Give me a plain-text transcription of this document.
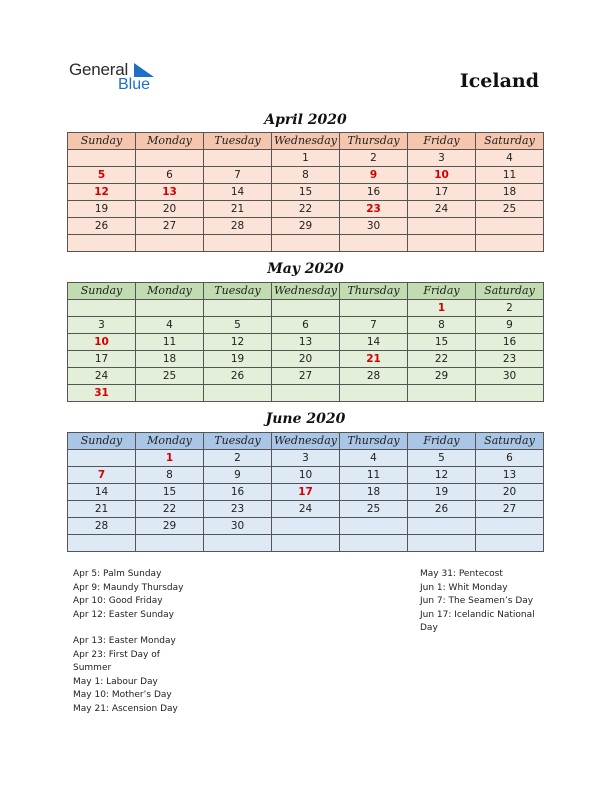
General
Blue	Iceland
April 2020
Sunday	Monday	Tuesday	Wednesday	Thursday	Friday	Saturday
			1	2	3	4
5	6	7	8	9	10	11
12	13	14	15	16	17	18
19	20	21	22	23	24	25
26	27	28	29	30		

May 2020
Sunday	Monday	Tuesday	Wednesday	Thursday	Friday	Saturday
					1	2
3	4	5	6	7	8	9
10	11	12	13	14	15	16
17	18	19	20	21	22	23
24	25	26	27	28	29	30
31						
June 2020
Sunday	Monday	Tuesday	Wednesday	Thursday	Friday	Saturday
	1	2	3	4	5	6
7	8	9	10	11	12	13
14	15	16	17	18	19	20
21	22	23	24	25	26	27
28	29	30				

Apr 5: Palm Sunday
Apr 9: Maundy Thursday
Apr 10: Good Friday
Apr 12: Easter Sunday
Apr 13: Easter Monday
Apr 23: First Day of Summer
May 1: Labour Day
May 10: Mother’s Day
May 21: Ascension Day
May 31: Pentecost
Jun 1: Whit Monday
Jun 7: The Seamen’s Day
Jun 17: Icelandic National Day
